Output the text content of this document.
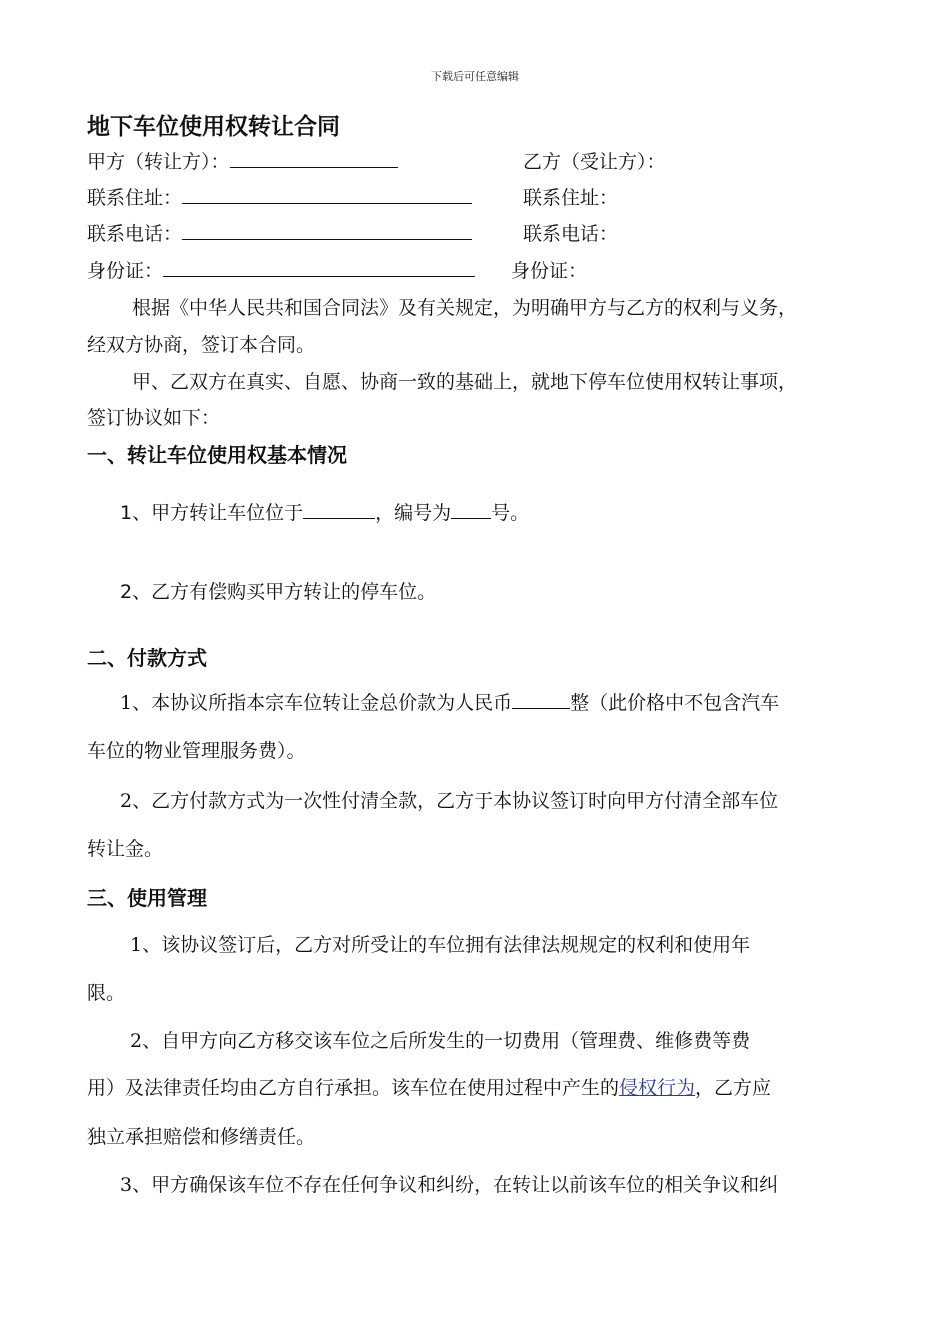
下载后可任意编辑
地下车位使用权转让合同
甲方（转让方）：	乙方（受让方）：
联系住址：	联系住址：
联系电话：	联系电话：
身份证：	身份证：
根据《中华人民共和国合同法》及有关规定，为明确甲方与乙方的权利与义务，
经双方协商，签订本合同。
甲、乙双方在真实、自愿、协商一致的基础上，就地下停车位使用权转让事项，
签订协议如下：
一、转让车位使用权基本情况
1、甲方转让车位位于	，编号为 号。
2、乙方有偿购买甲方转让的停车位。
二、付款方式
1、本协议所指本宗车位转让金总价款为人民币	整（此价格中不包含汽车
车位的物业管理服务费）。
2、乙方付款方式为一次性付清全款，乙方于本协议签订时向甲方付清全部车位
转让金。
三、使用管理
1、该协议签订后，乙方对所受让的车位拥有法律法规规定的权利和使用年
限。
2、自甲方向乙方移交该车位之后所发生的一切费用（管理费、维修费等费
用）及法律责任均由乙方自行承担。该车位在使用过程中产生的侵权行为，乙方应
独立承担赔偿和修缮责任。
3、甲方确保该车位不存在任何争议和纠纷，在转让以前该车位的相关争议和纠
